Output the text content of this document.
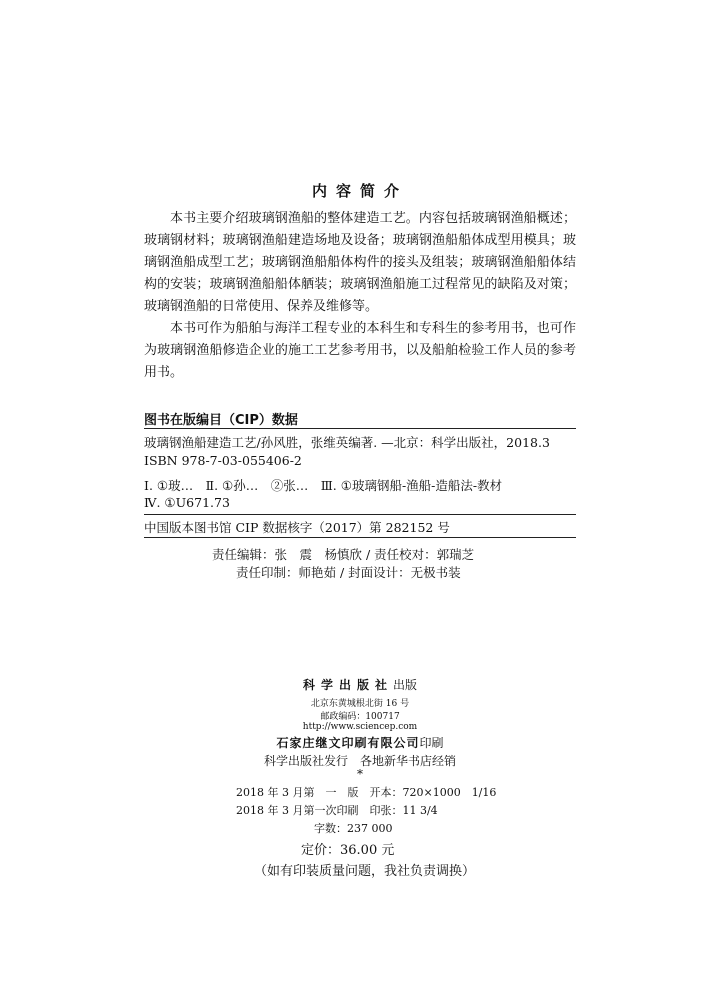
内容简介

本书主要介绍玻璃钢渔船的整体建造工艺。内容包括玻璃钢渔船概述；玻璃钢材料；玻璃钢渔船建造场地及设备；玻璃钢渔船船体成型用模具；玻璃钢渔船成型工艺；玻璃钢渔船船体构件的接头及组装；玻璃钢渔船船体结构的安装；玻璃钢渔船船体舾装；玻璃钢渔船施工过程常见的缺陷及对策；玻璃钢渔船的日常使用、保养及维修等。

本书可作为船舶与海洋工程专业的本科生和专科生的参考用书，也可作为玻璃钢渔船修造企业的施工工艺参考用书，以及船舶检验工作人员的参考用书。

图书在版编目（CIP）数据
玻璃钢渔船建造工艺/孙风胜，张维英编著. —北京：科学出版社，2018.3
ISBN 978-7-03-055406-2
Ⅰ. ①玻…　Ⅱ. ①孙…　②张…　Ⅲ. ①玻璃钢船-渔船-造船法-教材
Ⅳ. ①U671.73
中国版本图书馆 CIP 数据核字（2017）第 282152 号
责任编辑：张　震　杨慎欣 / 责任校对：郭瑞芝
责任印制：师艳茹 / 封面设计：无极书装
科学出版社出版
北京东黄城根北街 16 号
邮政编码：100717
http://www.sciencep.com
石家庄继文印刷有限公司印刷
科学出版社发行　各地新华书店经销
*
2018 年 3 月第　一　版　开本：720×1000　1/16
2018 年 3 月第一次印刷　印张：11 3/4
字数：237 000
定价：36.00 元
（如有印装质量问题，我社负责调换）
